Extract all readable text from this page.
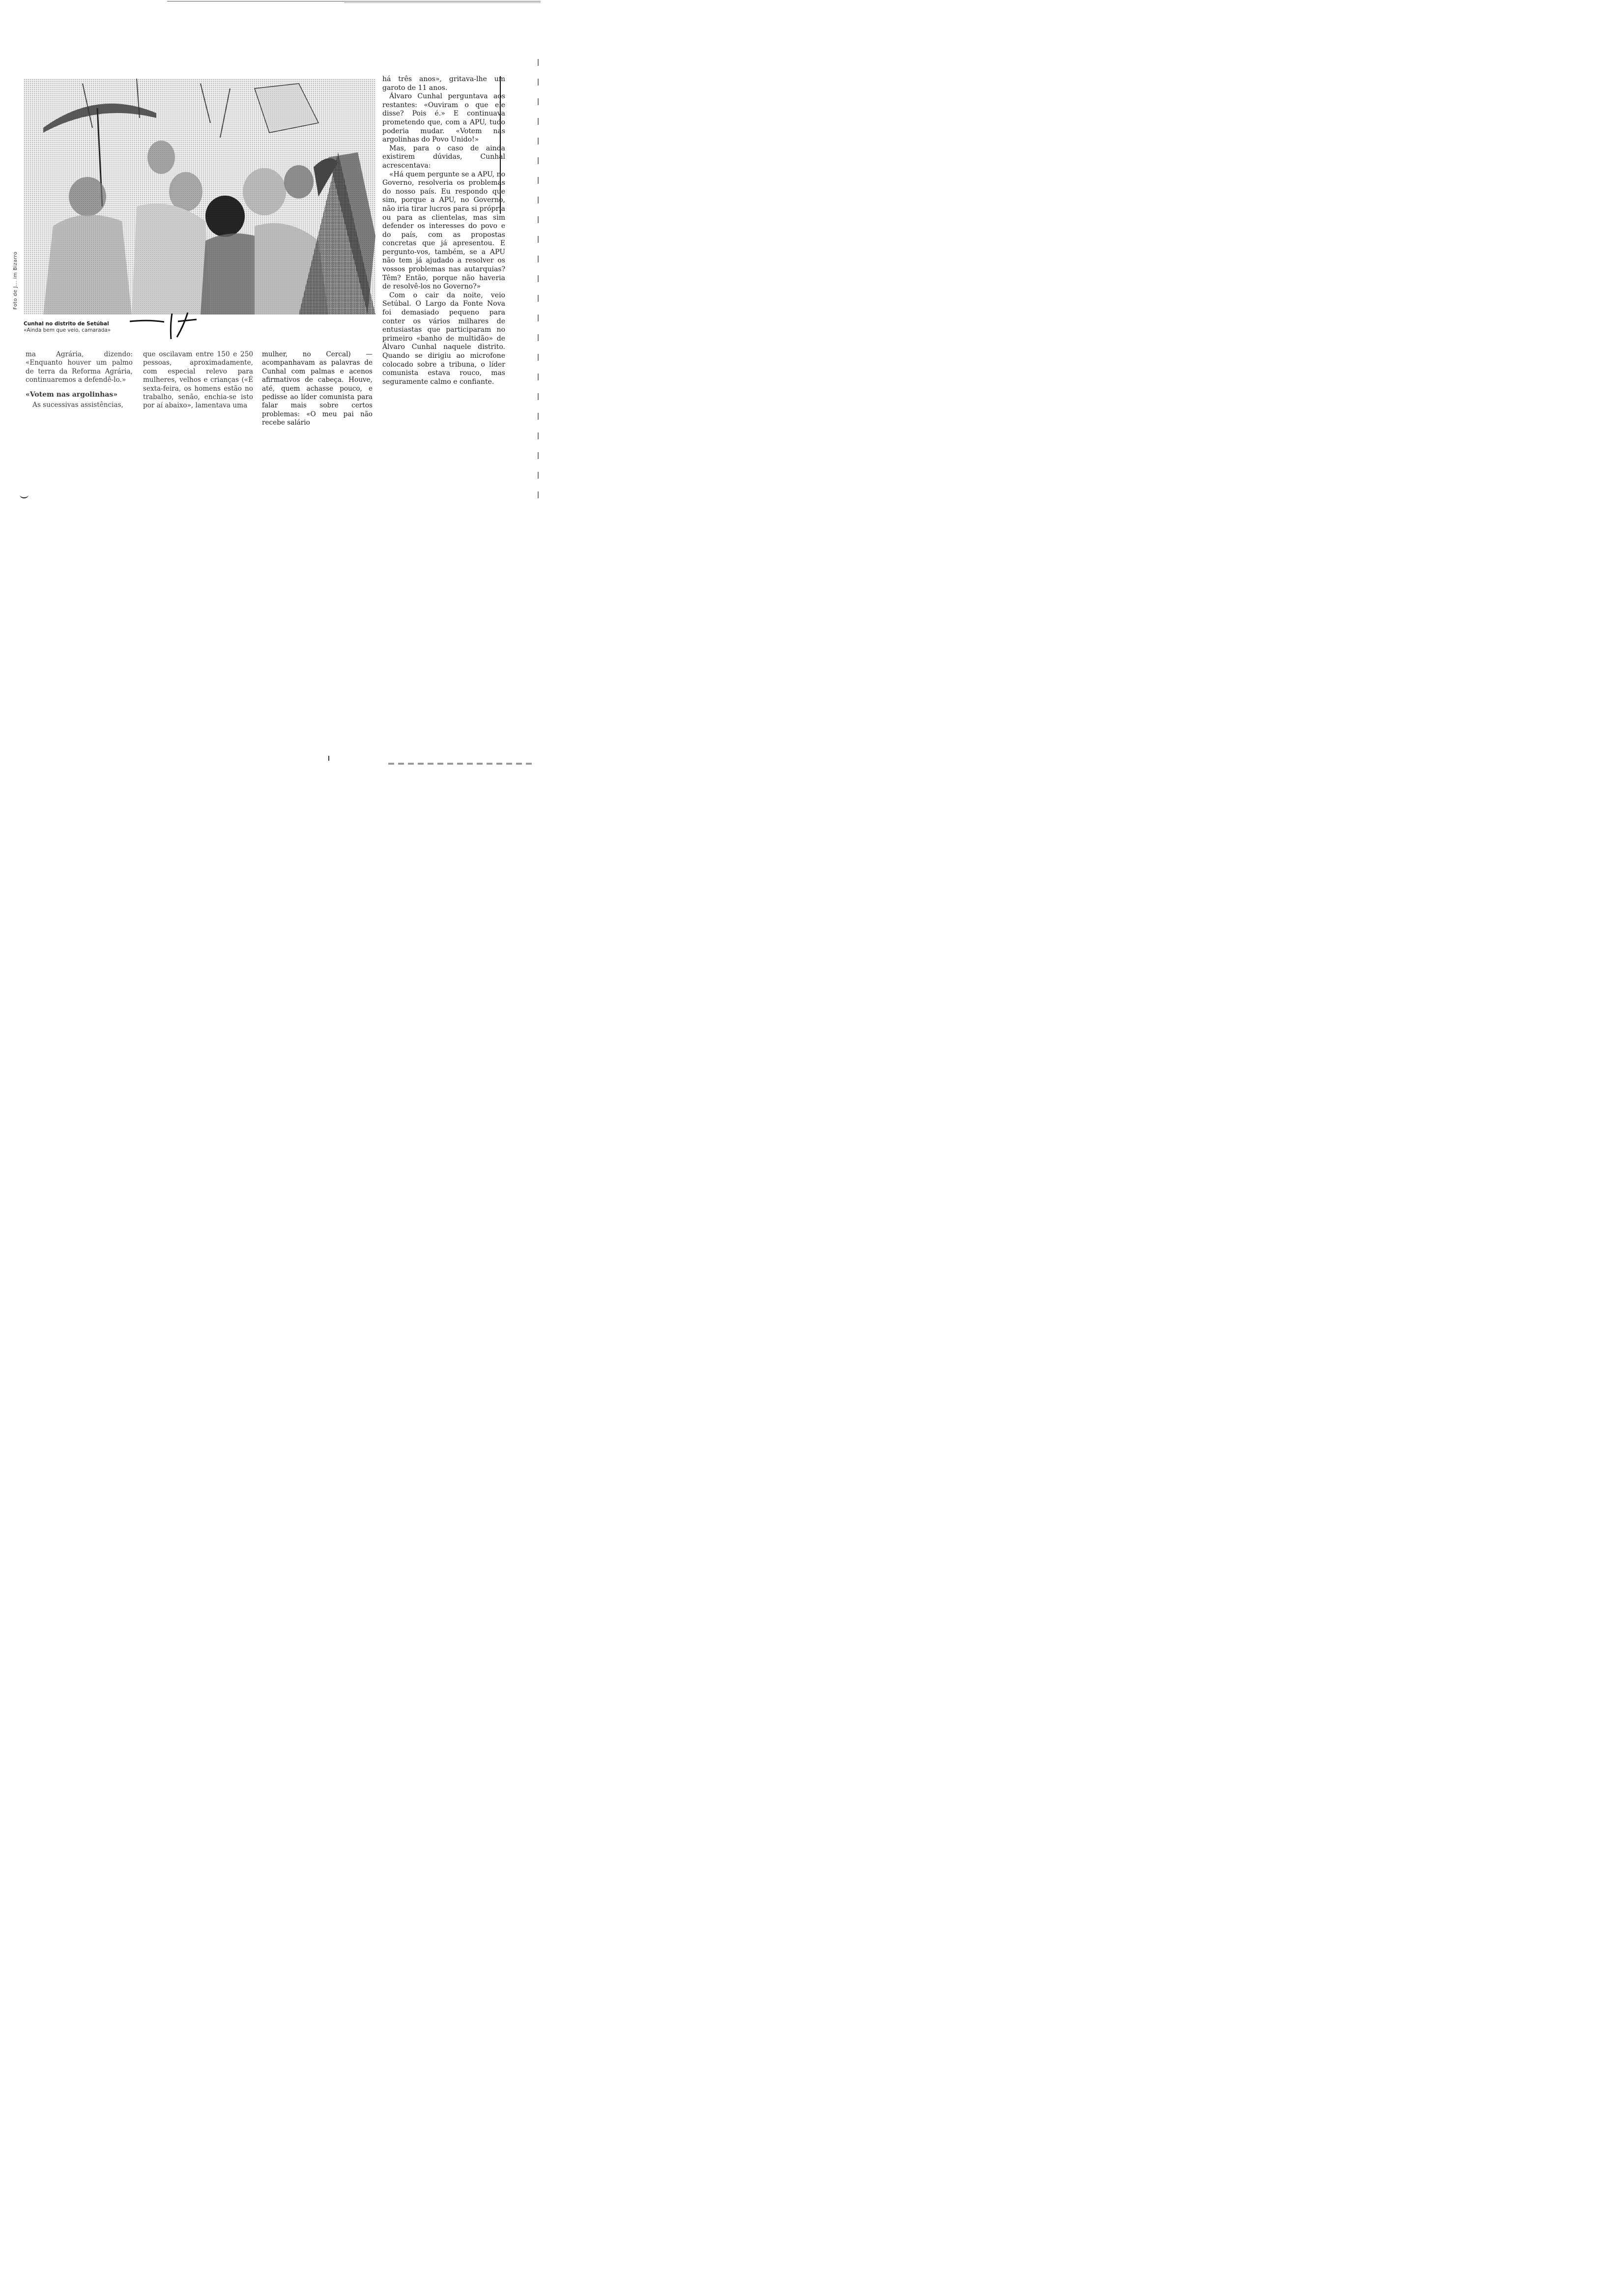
Foto de J... im Bizarro
Cunhal no distrito de Setúbal
«Ainda bem que veio, camarada»

ma Agrária, dizendo: «Enquanto houver um palmo de terra da Reforma Agrária, continuaremos a defendê-lo.»

«Votem nas argolinhas»

As sucessivas assistências,

que oscilavam entre 150 e 250 pessoas, aproximadamente, com especial relevo para mulheres, velhos e crianças («É sexta-feira, os homens estão no trabalho, senão, enchia-se isto por aí abaixo», lamentava uma

mulher, no Cercal) — acompanhavam as palavras de Cunhal com palmas e acenos afirmativos de cabeça. Houve, até, quem achasse pouco, e pedisse ao líder comunista para falar mais sobre certos problemas: «O meu pai não recebe salário

há três anos», gritava-lhe um garoto de 11 anos.

Álvaro Cunhal perguntava aos restantes: «Ouviram o que ele disse? Pois é.» E continuava prometendo que, com a APU, tudo poderia mudar. «Votem nas argolinhas do Povo Unido!»

Mas, para o caso de ainda existirem dúvidas, Cunhal acrescentava:

«Há quem pergunte se a APU, no Governo, resolveria os problemas do nosso país. Eu respondo que sim, porque a APU, no Governo, não iria tirar lucros para si própria ou para as clientelas, mas sim defender os interesses do povo e do país, com as propostas concretas que já apresentou. E pergunto-vos, também, se a APU não tem já ajudado a resolver os vossos problemas nas autarquias? Têm? Então, porque não haveria de resolvê-los no Governo?»

Com o cair da noite, veio Setúbal. O Largo da Fonte Nova foi demasiado pequeno para conter os vários milhares de entusiastas que participaram no primeiro «banho de multidão» de Álvaro Cunhal naquele distrito. Quando se dirigiu ao microfone colocado sobre a tribuna, o líder comunista estava rouco, mas seguramente calmo e confiante.
